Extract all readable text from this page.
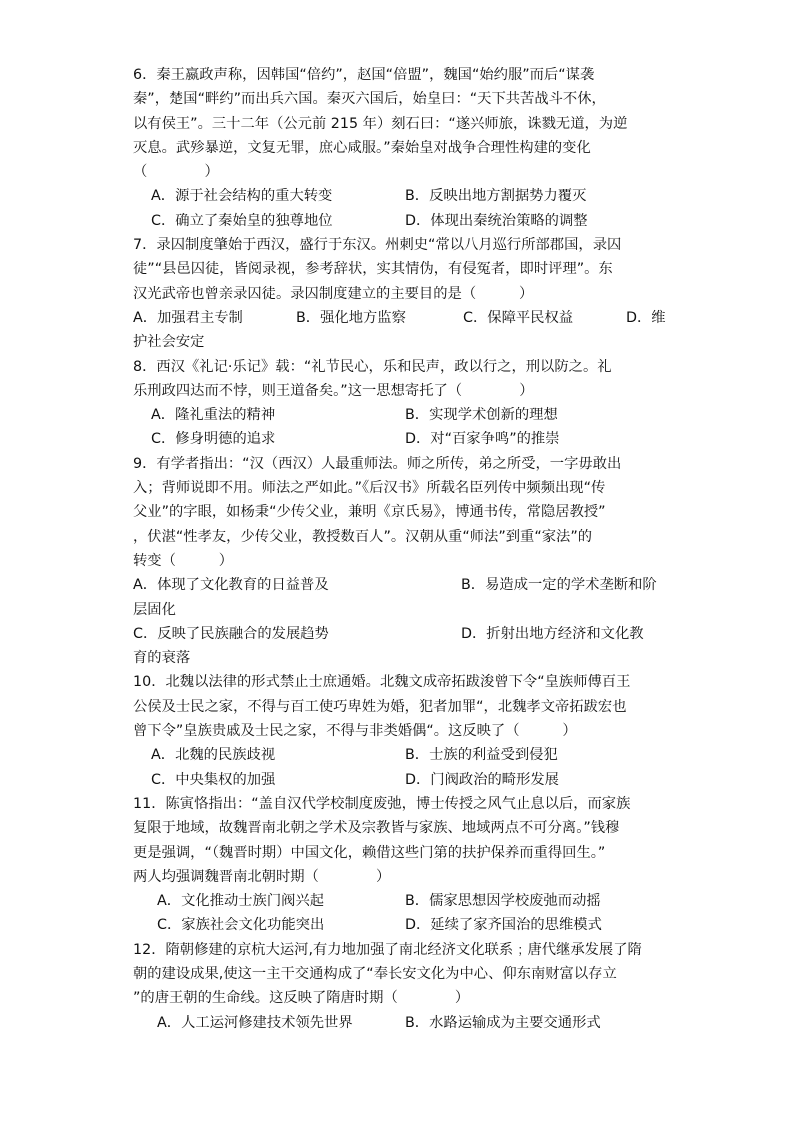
6．秦王嬴政声称，因韩国“倍约”，赵国“倍盟”，魏国“始约服”而后“谋袭
秦”，楚国“畔约”而出兵六国。秦灭六国后，始皇曰：“天下共苦战斗不休，
以有侯王”。三十二年（公元前 215 年）刻石曰：“遂兴师旅，诛戮无道，为逆
灭息。武殄暴逆，文复无罪，庶心咸服。”秦始皇对战争合理性构建的变化
（　　　　）
A．源于社会结构的重大转变	B．反映出地方割据势力覆灭
C．确立了秦始皇的独尊地位	D．体现出秦统治策略的调整
7．录囚制度肇始于西汉，盛行于东汉。州刺史“常以八月巡行所部郡国，录囚
徒”“县邑囚徒，皆阅录视，参考辞状，实其情伪，有侵冤者，即时评理”。东
汉光武帝也曾亲录囚徒。录囚制度建立的主要目的是（　　　）
A．加强君主专制	B．强化地方监察	C．保障平民权益	D．维
护社会安定
8．西汉《礼记·乐记》载：“礼节民心，乐和民声，政以行之，刑以防之。礼
乐刑政四达而不悖，则王道备矣。”这一思想寄托了（　　　　）
A．隆礼重法的精神	B．实现学术创新的理想
C．修身明德的追求	D．对“百家争鸣”的推崇
9．有学者指出：“汉（西汉）人最重师法。师之所传，弟之所受，一字毋敢出
入；背师说即不用。师法之严如此。”《后汉书》所载名臣列传中频频出现“传
父业”的字眼，如杨秉“少传父业，兼明《京氏易》，博通书传，常隐居教授”
，伏湛“性孝友，少传父业，教授数百人”。汉朝从重“师法”到重“家法”的
转变（　　　）
A．体现了文化教育的日益普及	B．易造成一定的学术垄断和阶
层固化
C．反映了民族融合的发展趋势	D．折射出地方经济和文化教
育的衰落
10．北魏以法律的形式禁止士庶通婚。北魏文成帝拓跋浚曾下令“皇族师傅百王
公侯及士民之家，不得与百工使巧卑姓为婚，犯者加罪“，北魏孝文帝拓跋宏也
曾下令”皇族贵戚及士民之家，不得与非类婚偶“。这反映了（　　　）
A．北魏的民族歧视	B．士族的利益受到侵犯
C．中央集权的加强	D．门阀政治的畸形发展
11．陈寅恪指出：“盖自汉代学校制度废弛，博士传授之风气止息以后，而家族
复限于地域，故魏晋南北朝之学术及宗教皆与家族、地域两点不可分离。”钱穆
更是强调，“（魏晋时期）中国文化，赖借这些门第的扶护保养而重得回生。”
两人均强调魏晋南北朝时期（　　　　）
A．文化推动士族门阀兴起	B．儒家思想因学校废弛而动摇
C．家族社会文化功能突出	D．延续了家齐国治的思维模式
12．隋朝修建的京杭大运河,有力地加强了南北经济文化联系﹔唐代继承发展了隋
朝的建设成果,使这一主干交通构成了“奉长安文化为中心、仰东南财富以存立
”的唐王朝的生命线。这反映了隋唐时期（　　　　）
A．人工运河修建技术领先世界	B．水路运输成为主要交通形式
